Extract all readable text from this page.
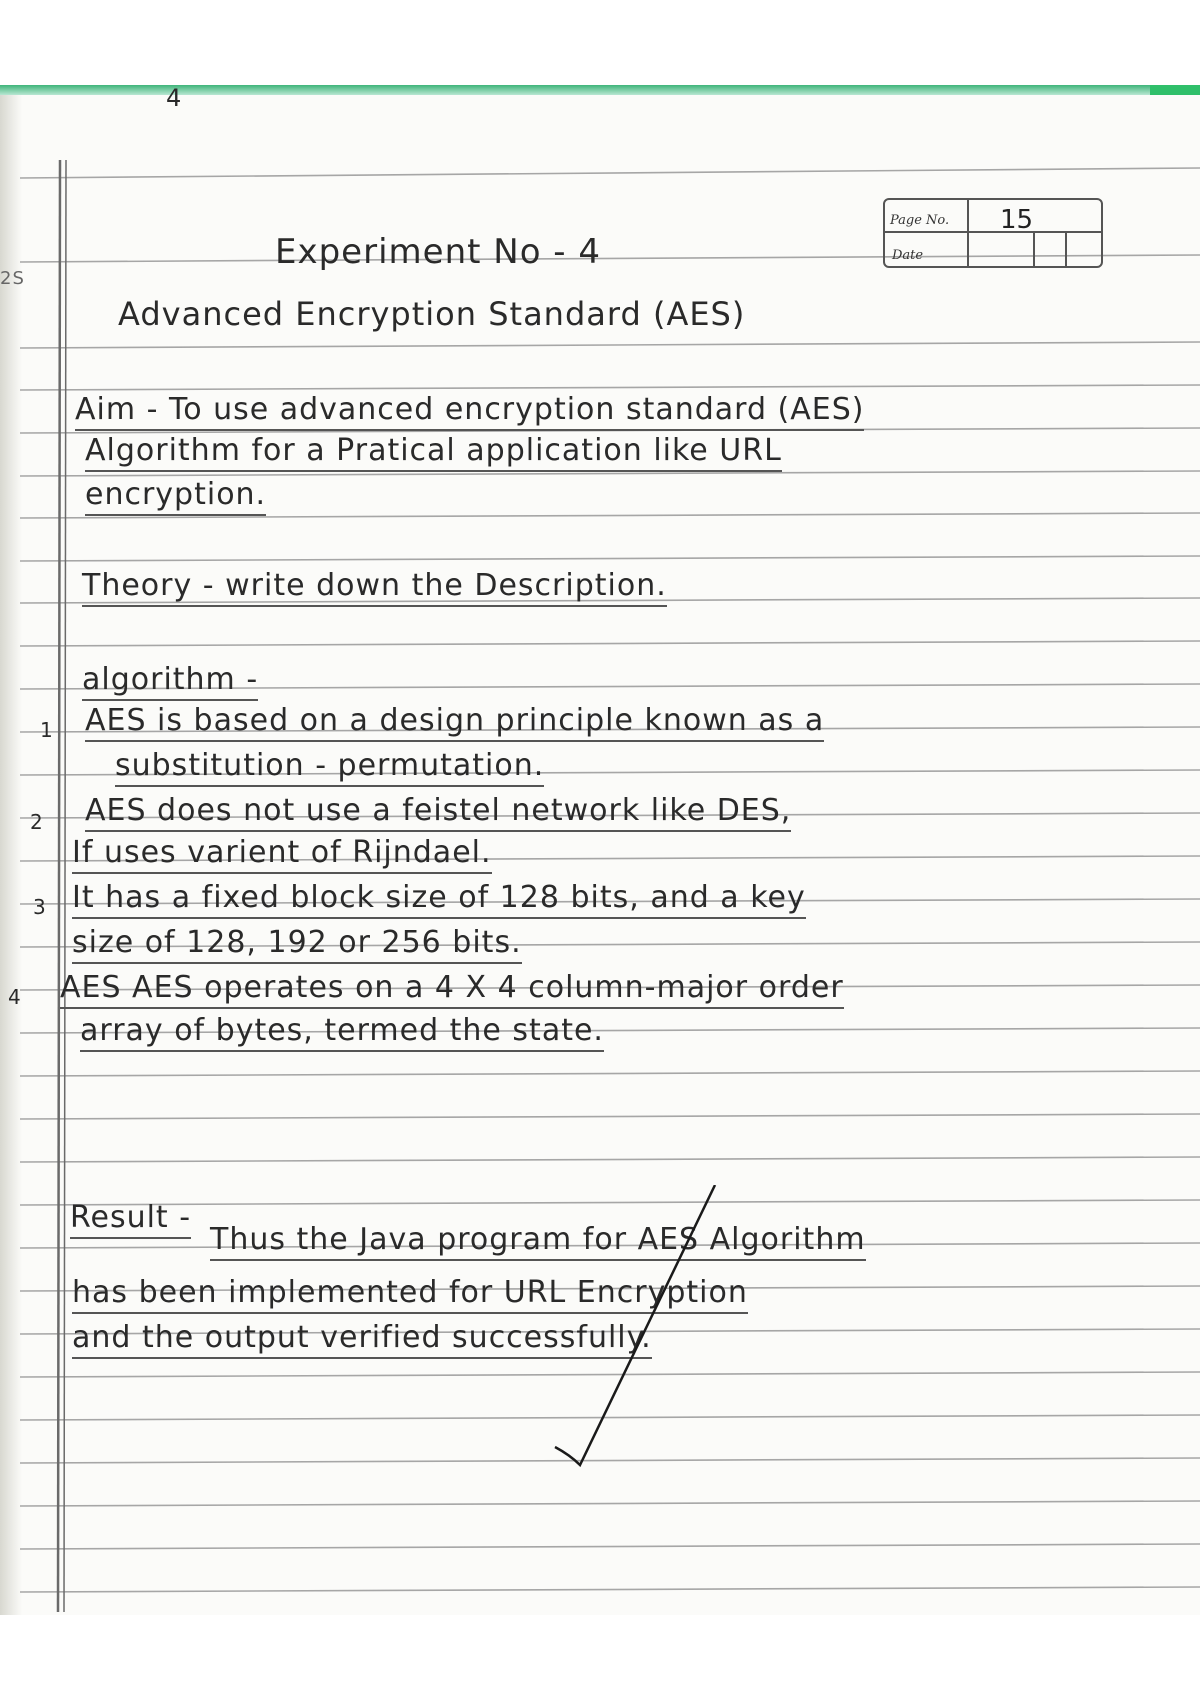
4
2S
Page No.
Date
15
Experiment No - 4
Advanced Encryption Standard (AES)
Aim - To use advanced encryption standard (AES)
Algorithm for a Pratical application like URL
encryption.
Theory - write down the Description.
algorithm -
1 AES is based on a design principle known as a
substitution - permutation.
2 AES does not use a feistel network like DES,
If uses varient of Rijndael.
3 It has a fixed block size of 128 bits, and a key
size of 128, 192 or 256 bits.
4 AES AES operates on a 4 X 4 column-major order
array of bytes, termed the state.
Result -
Thus the Java program for AES Algorithm
has been implemented for URL Encryption
and the output verified successfully.
